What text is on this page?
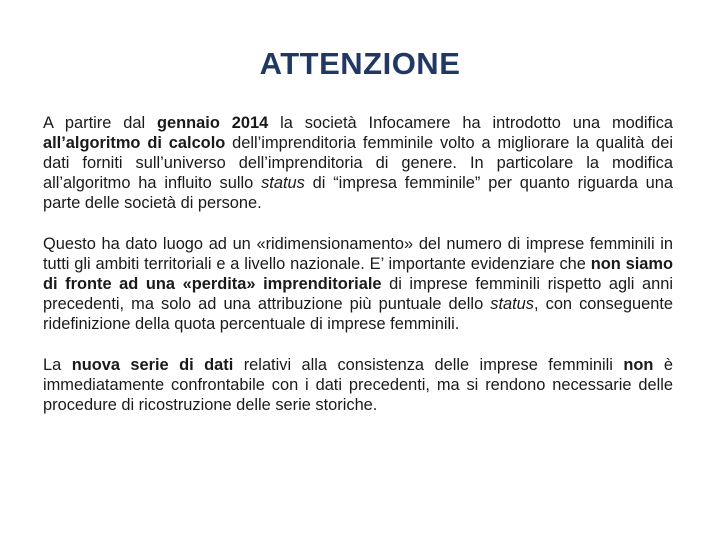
ATTENZIONE

A partire dal gennaio 2014 la società Infocamere ha introdotto una modifica all’algoritmo di calcolo dell’imprenditoria femminile volto a migliorare la qualità dei dati forniti sull’universo dell’imprenditoria di genere. In particolare la modifica all’algoritmo ha influito sullo status di “impresa femminile” per quanto riguarda una parte delle società di persone.

Questo ha dato luogo ad un «ridimensionamento» del numero di imprese femminili in tutti gli ambiti territoriali e a livello nazionale. E’ importante evidenziare che non siamo di fronte ad una «perdita» imprenditoriale di imprese femminili rispetto agli anni precedenti, ma solo ad una attribuzione più puntuale dello status, con conseguente ridefinizione della quota percentuale di imprese femminili.

La nuova serie di dati relativi alla consistenza delle imprese femminili non è immediatamente confrontabile con i dati precedenti, ma si rendono necessarie delle procedure di ricostruzione delle serie storiche.
